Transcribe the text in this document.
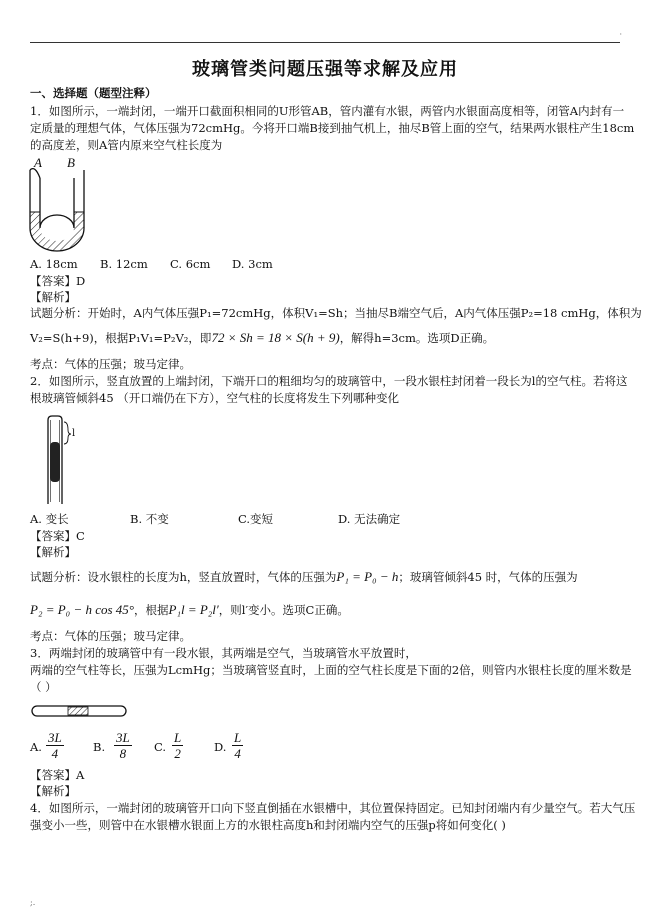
·
玻璃管类问题压强等求解及应用
一、选择题（题型注释）
1．如图所示，一端封闭，一端开口截面积相同的U形管AB，管内灌有水银，两管内水银面高度相等，闭管A内封有一
定质量的理想气体，气体压强为72cmHg。今将开口端B接到抽气机上，抽尽B管上面的空气，结果两水银柱产生18cm
的高度差，则A管内原来空气柱长度为
A B
A. 18cm B. 12cm C. 6cm D. 3cm
【答案】D
【解析】
试题分析：开始时，A内气体压强P₁=72cmHg，体积V₁=Sh；当抽尽B端空气后，A内气体压强P₂=18 cmHg，体积为
V₂=S(h+9)，根据P₁V₁=P₂V₂，即72 × Sh = 18 × S(h + 9)，解得h=3cm。选项D正确。
考点：气体的压强；玻马定律。
2．如图所示，竖直放置的上端封闭，下端开口的粗细均匀的玻璃管中，一段水银柱封闭着一段长为l的空气柱。若将这
根玻璃管倾斜45 （开口端仍在下方），空气柱的长度将发生下列哪种变化
l
A. 变长	B. 不变	C.变短	D. 无法确定
【答案】C
【解析】
试题分析：设水银柱的长度为h，竖直放置时，气体的压强为P₁ = P₀ − h；玻璃管倾斜45 时，气体的压强为
P₂ = P₀ − h cos 45°，根据P₁l = P₂l′，则l′变小。选项C正确。
考点：气体的压强；玻马定律。
3．两端封闭的玻璃管中有一段水银，其两端是空气，当玻璃管水平放置时，
两端的空气柱等长，压强为LcmHg；当玻璃管竖直时，上面的空气柱长度是下面的2倍，则管内水银柱长度的厘米数是
（ ）
A. $\frac{3L}{4}$	B. $\frac{3L}{8} C$. $\frac{L}{2}$	D. $\frac{L}{4}$
【答案】A
【解析】
4．如图所示，一端封闭的玻璃管开口向下竖直倒插在水银槽中，其位置保持固定。已知封闭端内有少量空气。若大气压
强变小一些，则管中在水银槽水银面上方的水银柱高度h和封闭端内空气的压强p将如何变化( )
;.
